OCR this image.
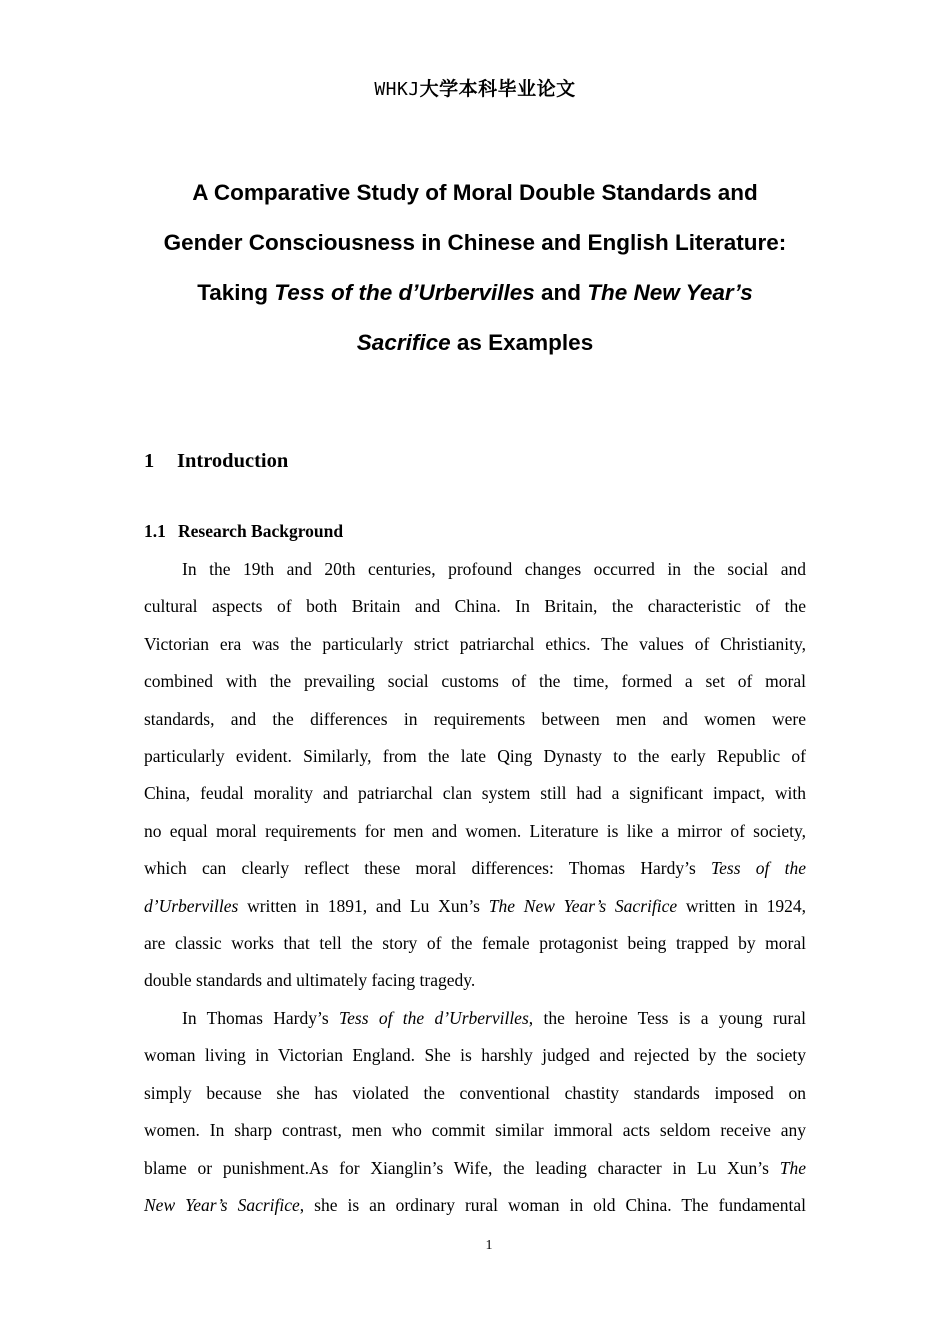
WHKJ大学本科毕业论文
A Comparative Study of Moral Double Standards and
Gender Consciousness in Chinese and English Literature:
Taking Tess of the d’Urbervilles and The New Year’s
Sacrifice as Examples
1 Introduction
1.1 Research Background

In the 19th and 20th centuries, profound changes occurred in the social and
cultural aspects of both Britain and China. In Britain, the characteristic of the
Victorian era was the particularly strict patriarchal ethics. The values of Christianity,
combined with the prevailing social customs of the time, formed a set of moral
standards, and the differences in requirements between men and women were
particularly evident. Similarly, from the late Qing Dynasty to the early Republic of
China, feudal morality and patriarchal clan system still had a significant impact, with
no equal moral requirements for men and women. Literature is like a mirror of society,
which can clearly reflect these moral differences: Thomas Hardy’s Tess of the
d’Urbervilles written in 1891, and Lu Xun’s The New Year’s Sacrifice written in 1924,
are classic works that tell the story of the female protagonist being trapped by moral
double standards and ultimately facing tragedy.

In Thomas Hardy’s Tess of the d’Urbervilles, the heroine Tess is a young rural
woman living in Victorian England. She is harshly judged and rejected by the society
simply because she has violated the conventional chastity standards imposed on
women. In sharp contrast, men who commit similar immoral acts seldom receive any
blame or punishment.As for Xianglin’s Wife, the leading character in Lu Xun’s The
New Year’s Sacrifice, she is an ordinary rural woman in old China. The fundamental

1
